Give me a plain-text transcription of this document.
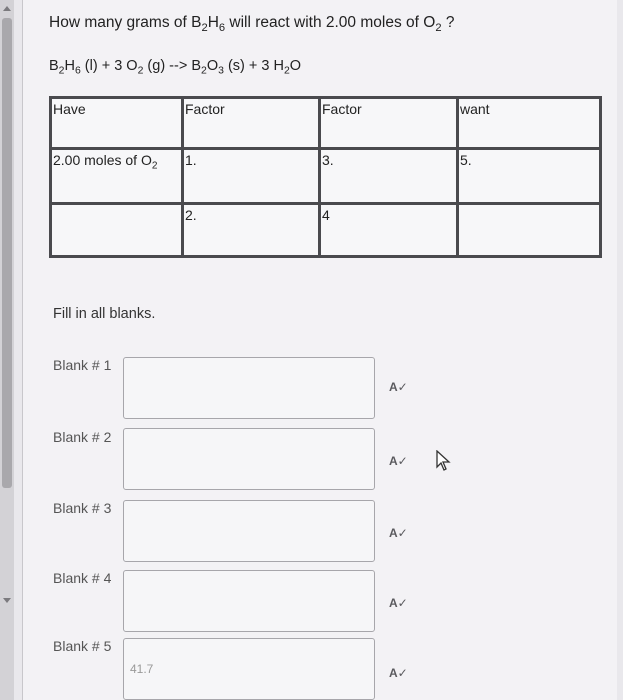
How many grams of $B_2H_6$ will react with 2.00 moles of $O_2$ ?
$B_2H_6$ (l) + 3 $O_2$ (g) --> $B_2O_3$ (s) + 3 $H_2O$
Have	Factor	Factor	want
2.00 moles of $O_2$	1.	3.	5.
	2.	4	
Fill in all blanks.
Blank # 1
A✓
Blank # 2
A✓
Blank # 3
A✓
Blank # 4
A✓
Blank # 5
41.7
A✓
